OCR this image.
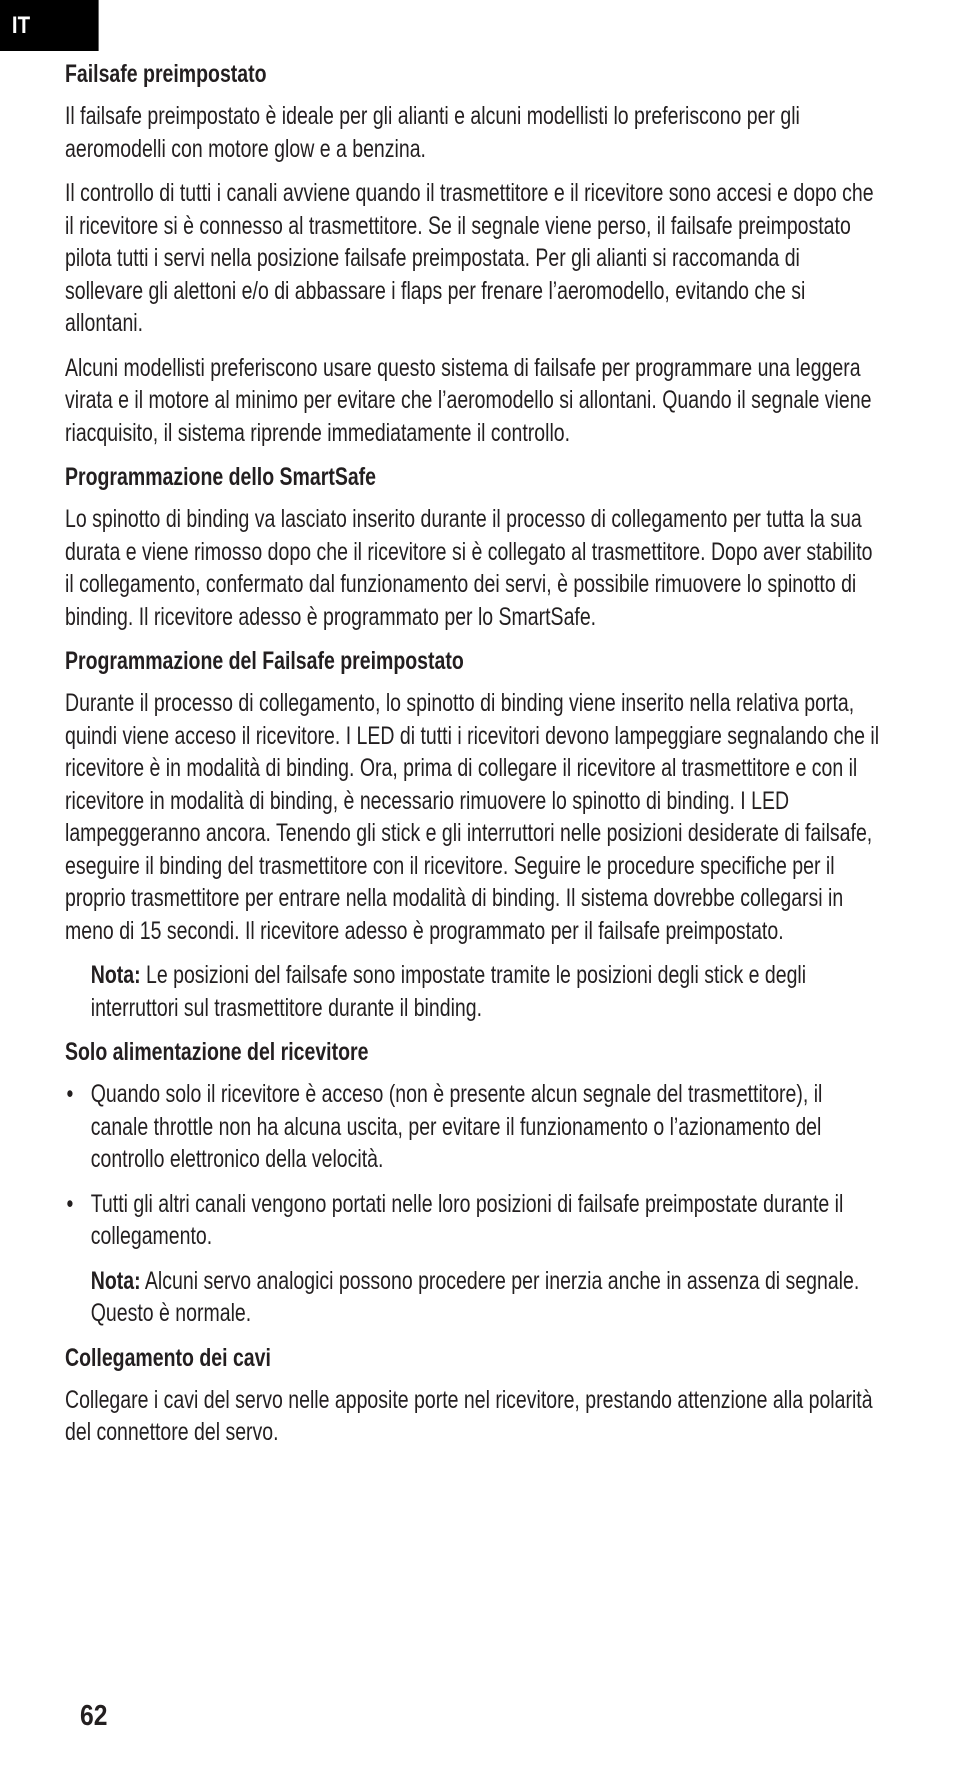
IT
Failsafe preimpostato

Il failsafe preimpostato è ideale per gli alianti e alcuni modellisti lo preferiscono per gli aeromodelli con motore glow e a benzina.

Il controllo di tutti i canali avviene quando il trasmettitore e il ricevitore sono accesi e dopo che il ricevitore si è connesso al trasmettitore. Se il segnale viene perso, il failsafe preimpostato pilota tutti i servi nella posizione failsafe preimpostata. Per gli alianti si raccomanda di sollevare gli alettoni e/o di abbassare i flaps per frenare l’aeromodello, evitando che si allontani.

Alcuni modellisti preferiscono usare questo sistema di failsafe per programmare una leggera virata e il motore al minimo per evitare che l’aeromodello si allontani. Quando il segnale viene riacquisito, il sistema riprende immediatamente il controllo.

Programmazione dello SmartSafe

Lo spinotto di binding va lasciato inserito durante il processo di collegamento per tutta la sua durata e viene rimosso dopo che il ricevitore si è collegato al trasmettitore. Dopo aver stabilito il collegamento, confermato dal funzionamento dei servi, è possibile rimuovere lo spinotto di binding. Il ricevitore adesso è programmato per lo SmartSafe.

Programmazione del Failsafe preimpostato

Durante il processo di collegamento, lo spinotto di binding viene inserito nella relativa porta, quindi viene acceso il ricevitore. I LED di tutti i ricevitori devono lampeggiare segnalando che il ricevitore è in modalità di binding. Ora, prima di collegare il ricevitore al trasmettitore e con il ricevitore in modalità di binding, è necessario rimuovere lo spinotto di binding. I LED lampeggeranno ancora. Tenendo gli stick e gli interruttori nelle posizioni desiderate di failsafe, eseguire il binding del trasmettitore con il ricevitore. Seguire le procedure specifiche per il proprio trasmettitore per entrare nella modalità di binding. Il sistema dovrebbe collegarsi in meno di 15 secondi. Il ricevitore adesso è programmato per il failsafe preimpostato.

Nota: Le posizioni del failsafe sono impostate tramite le posizioni degli stick e degli interruttori sul trasmettitore durante il binding.

Solo alimentazione del ricevitore
• Quando solo il ricevitore è acceso (non è presente alcun segnale del trasmettitore), il canale throttle non ha alcuna uscita, per evitare il funzionamento o l’azionamento del controllo elettronico della velocità.
• Tutti gli altri canali vengono portati nelle loro posizioni di failsafe preimpostate durante il collegamento.

Nota: Alcuni servo analogici possono procedere per inerzia anche in assenza di segnale. Questo è normale.

Collegamento dei cavi

Collegare i cavi del servo nelle apposite porte nel ricevitore, prestando attenzione alla polarità del connettore del servo.

62
